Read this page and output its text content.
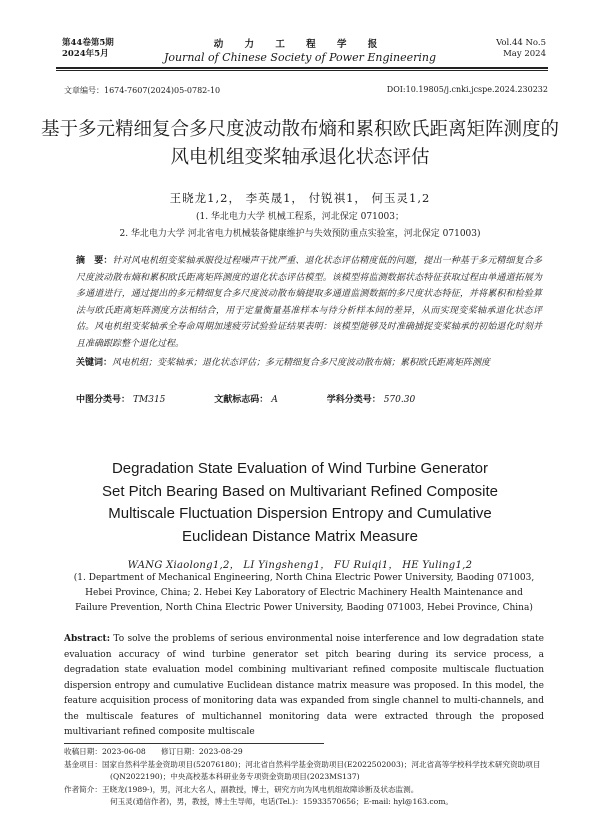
第44卷第5期
2024年5月
动 力 工 程 学 报
Journal of Chinese Society of Power Engineering
Vol.44 No.5
May 2024
文章编号：1674-7607(2024)05-0782-10	DOI:10.19805/j.cnki.jcspe.2024.230232
基于多元精细复合多尺度波动散布熵和累积欧氏距离矩阵测度的风电机组变桨轴承退化状态评估
王晓龙1,2， 李英晟1， 付锐祺1， 何玉灵1,2
(1. 华北电力大学 机械工程系，河北保定 071003；
2. 华北电力大学 河北省电力机械装备健康维护与失效预防重点实验室，河北保定 071003)
摘　要：针对风电机组变桨轴承服役过程噪声干扰严重、退化状态评估精度低的问题，提出一种基于多元精细复合多尺度波动散布熵和累积欧氏距离矩阵测度的退化状态评估模型。该模型将监测数据状态特征获取过程由单通道拓展为多通道进行，通过提出的多元精细复合多尺度波动散布熵提取多通道监测数据的多尺度状态特征，并将累积和检验算法与欧氏距离矩阵测度方法相结合，用于定量衡量基准样本与待分析样本间的差异，从而实现变桨轴承退化状态评估。风电机组变桨轴承全寿命周期加速疲劳试验验证结果表明：该模型能够及时准确捕捉变桨轴承的初始退化时刻并且准确跟踪整个退化过程。
关键词：风电机组；变桨轴承；退化状态评估；多元精细复合多尺度波动散布熵；累积欧氏距离矩阵测度
中图分类号： TM315	文献标志码： A	学科分类号： 570.30
Degradation State Evaluation of Wind Turbine Generator
Set Pitch Bearing Based on Multivariant Refined Composite
Multiscale Fluctuation Dispersion Entropy and Cumulative
Euclidean Distance Matrix Measure
WANG Xiaolong1,2， LI Yingsheng1， FU Ruiqi1， HE Yuling1,2
(1. Department of Mechanical Engineering, North China Electric Power University, Baoding 071003,
Hebei Province, China; 2. Hebei Key Laboratory of Electric Machinery Health Maintenance and
Failure Prevention, North China Electric Power University, Baoding 071003, Hebei Province, China)
Abstract: To solve the problems of serious environmental noise interference and low degradation state evaluation accuracy of wind turbine generator set pitch bearing during its service process, a degradation state evaluation model combining multivariant refined composite multiscale fluctuation dispersion entropy and cumulative Euclidean distance matrix measure was proposed. In this model, the feature acquisition process of monitoring data was expanded from single channel to multi-channels, and the multiscale features of multichannel monitoring data were extracted through the proposed multivariant refined composite multiscale
收稿日期：2023-06-08　　修订日期：2023-08-29
基金项目：国家自然科学基金资助项目(52076180)；河北省自然科学基金资助项目(E2022502003)；河北省高等学校科学技术研究资助项目
(QN2022190)；中央高校基本科研业务专项资金资助项目(2023MS137)
作者简介：王晓龙(1989-)，男，河北大名人，副教授，博士，研究方向为风电机组故障诊断及状态监测。
何玉灵(通信作者)，男，教授，博士生导师，电话(Tel.)：15933570656；E-mail: hyl@163.com。
